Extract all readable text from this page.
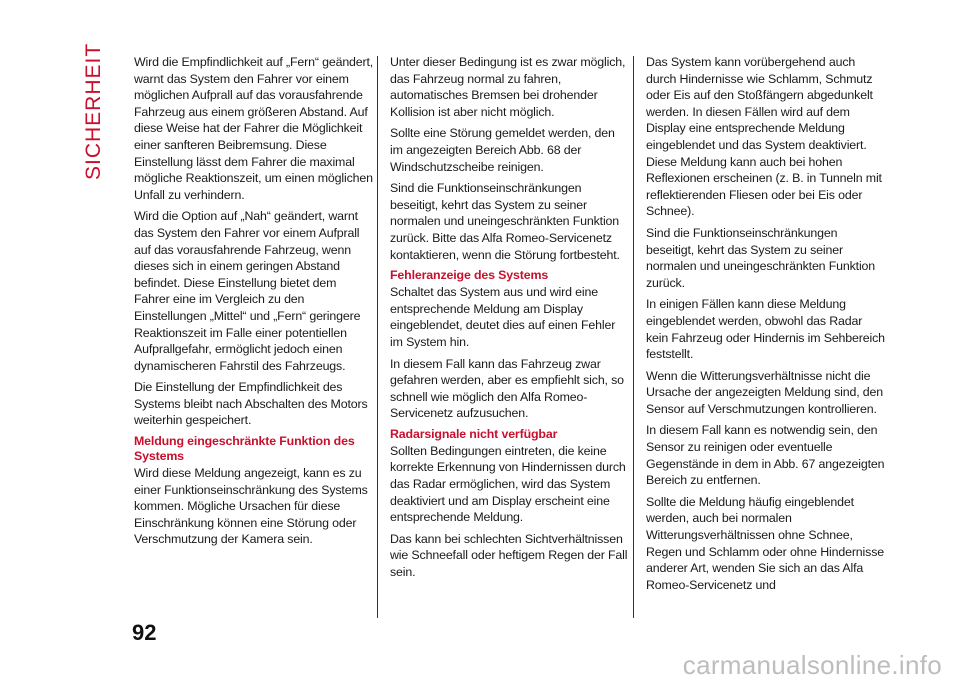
SICHERHEIT Wird die Empfindlichkeit auf „Fern“ geändert, warnt das System den Fahrer vor einem möglichen Aufprall auf das vorausfahrende Fahrzeug aus einem größeren Abstand. Auf diese Weise hat der Fahrer die Möglichkeit einer sanfteren Beibremsung. Diese Einstellung lässt dem Fahrer die maximal mögliche Reaktionszeit, um einen möglichen Unfall zu verhindern.

Wird die Option auf „Nah“ geändert, warnt das System den Fahrer vor einem Aufprall auf das vorausfahrende Fahrzeug, wenn dieses sich in einem geringen Abstand befindet. Diese Einstellung bietet dem Fahrer eine im Vergleich zu den Einstellungen „Mittel“ und „Fern“ geringere Reaktionszeit im Falle einer potentiellen Aufprallgefahr, ermöglicht jedoch einen dynamischeren Fahrstil des Fahrzeugs.

Die Einstellung der Empfindlichkeit des Systems bleibt nach Abschalten des Motors weiterhin gespeichert.

Meldung eingeschränkte Funktion des Systems

Wird diese Meldung angezeigt, kann es zu einer Funktionseinschränkung des Systems kommen. Mögliche Ursachen für diese Einschränkung können eine Störung oder Verschmutzung der Kamera sein.

Unter dieser Bedingung ist es zwar möglich, das Fahrzeug normal zu fahren, automatisches Bremsen bei drohender Kollision ist aber nicht möglich.

Sollte eine Störung gemeldet werden, den im angezeigten Bereich Abb. 68 der Windschutzscheibe reinigen.

Sind die Funktionseinschränkungen beseitigt, kehrt das System zu seiner normalen und uneingeschränkten Funktion zurück. Bitte das Alfa Romeo-Servicenetz kontaktieren, wenn die Störung fortbesteht.

Fehleranzeige des Systems

Schaltet das System aus und wird eine entsprechende Meldung am Display eingeblendet, deutet dies auf einen Fehler im System hin.

In diesem Fall kann das Fahrzeug zwar gefahren werden, aber es empfiehlt sich, so schnell wie möglich den Alfa Romeo-Servicenetz aufzusuchen.

Radarsignale nicht verfügbar

Sollten Bedingungen eintreten, die keine korrekte Erkennung von Hindernissen durch das Radar ermöglichen, wird das System deaktiviert und am Display erscheint eine entsprechende Meldung.

Das kann bei schlechten Sichtverhältnissen wie Schneefall oder heftigem Regen der Fall sein.

Das System kann vorübergehend auch durch Hindernisse wie Schlamm, Schmutz oder Eis auf den Stoßfängern abgedunkelt werden. In diesen Fällen wird auf dem Display eine entsprechende Meldung eingeblendet und das System deaktiviert. Diese Meldung kann auch bei hohen Reflexionen erscheinen (z. B. in Tunneln mit reflektierenden Fliesen oder bei Eis oder Schnee).

Sind die Funktionseinschränkungen beseitigt, kehrt das System zu seiner normalen und uneingeschränkten Funktion zurück.

In einigen Fällen kann diese Meldung eingeblendet werden, obwohl das Radar kein Fahrzeug oder Hindernis im Sehbereich feststellt.

Wenn die Witterungsverhältnisse nicht die Ursache der angezeigten Meldung sind, den Sensor auf Verschmutzungen kontrollieren.

In diesem Fall kann es notwendig sein, den Sensor zu reinigen oder eventuelle Gegenstände in dem in Abb. 67 angezeigten Bereich zu entfernen.

Sollte die Meldung häufig eingeblendet werden, auch bei normalen Witterungsverhältnissen ohne Schnee, Regen und Schlamm oder ohne Hindernisse anderer Art, wenden Sie sich an das Alfa Romeo-Servicenetz und

92
carmanualsonline.info
